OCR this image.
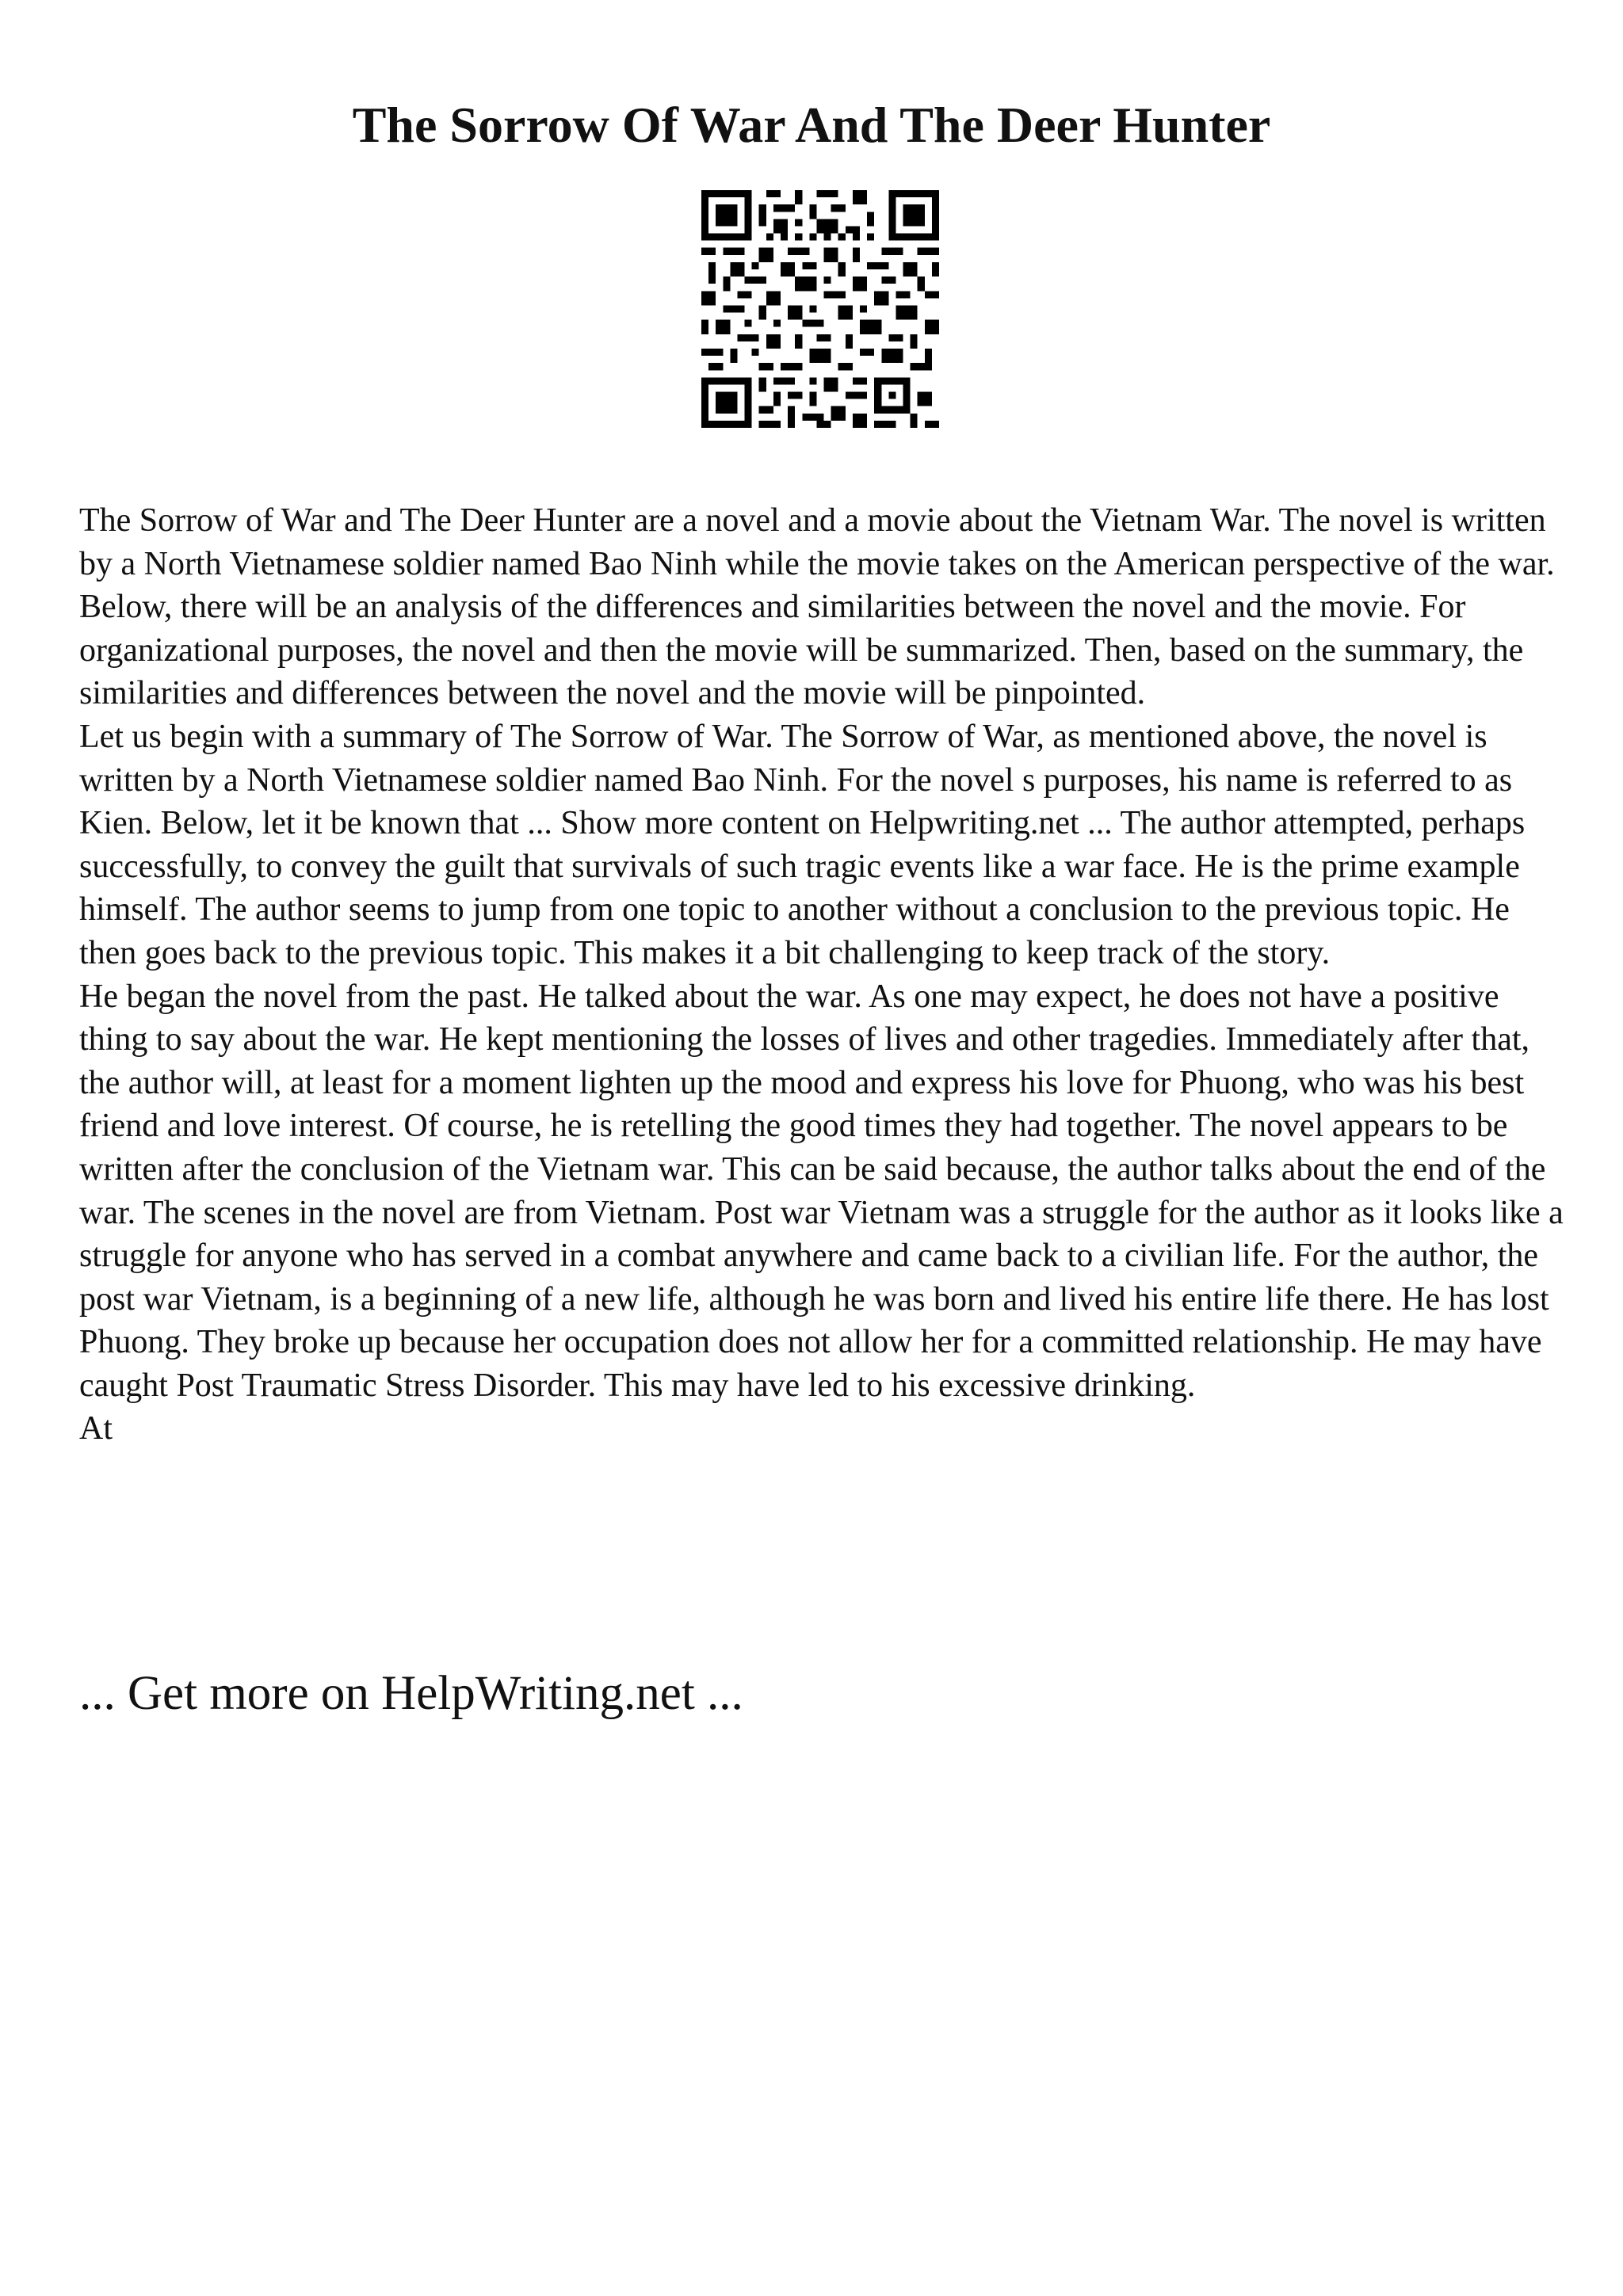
The Sorrow Of War And The Deer Hunter

The Sorrow of War and The Deer Hunter are a novel and a movie about the Vietnam War. The novel is written by a North Vietnamese soldier named Bao Ninh while the movie takes on the American perspective of the war. Below, there will be an analysis of the differences and similarities between the novel and the movie. For organizational purposes, the novel and then the movie will be summarized. Then, based on the summary, the similarities and differences between the novel and the movie will be pinpointed.

Let us begin with a summary of The Sorrow of War. The Sorrow of War, as mentioned above, the novel is written by a North Vietnamese soldier named Bao Ninh. For the novel s purposes, his name is referred to as Kien. Below, let it be known that ... Show more content on Helpwriting.net ... The author attempted, perhaps successfully, to convey the guilt that survivals of such tragic events like a war face. He is the prime example himself. The author seems to jump from one topic to another without a conclusion to the previous topic. He then goes back to the previous topic. This makes it a bit challenging to keep track of the story.

He began the novel from the past. He talked about the war. As one may expect, he does not have a positive thing to say about the war. He kept mentioning the losses of lives and other tragedies. Immediately after that, the author will, at least for a moment lighten up the mood and express his love for Phuong, who was his best friend and love interest. Of course, he is retelling the good times they had together. The novel appears to be written after the conclusion of the Vietnam war. This can be said because, the author talks about the end of the war. The scenes in the novel are from Vietnam. Post war Vietnam was a struggle for the author as it looks like a struggle for anyone who has served in a combat anywhere and came back to a civilian life. For the author, the post war Vietnam, is a beginning of a new life, although he was born and lived his entire life there. He has lost Phuong. They broke up because her occupation does not allow her for a committed relationship. He may have caught Post Traumatic Stress Disorder. This may have led to his excessive drinking.

At

... Get more on HelpWriting.net ...
